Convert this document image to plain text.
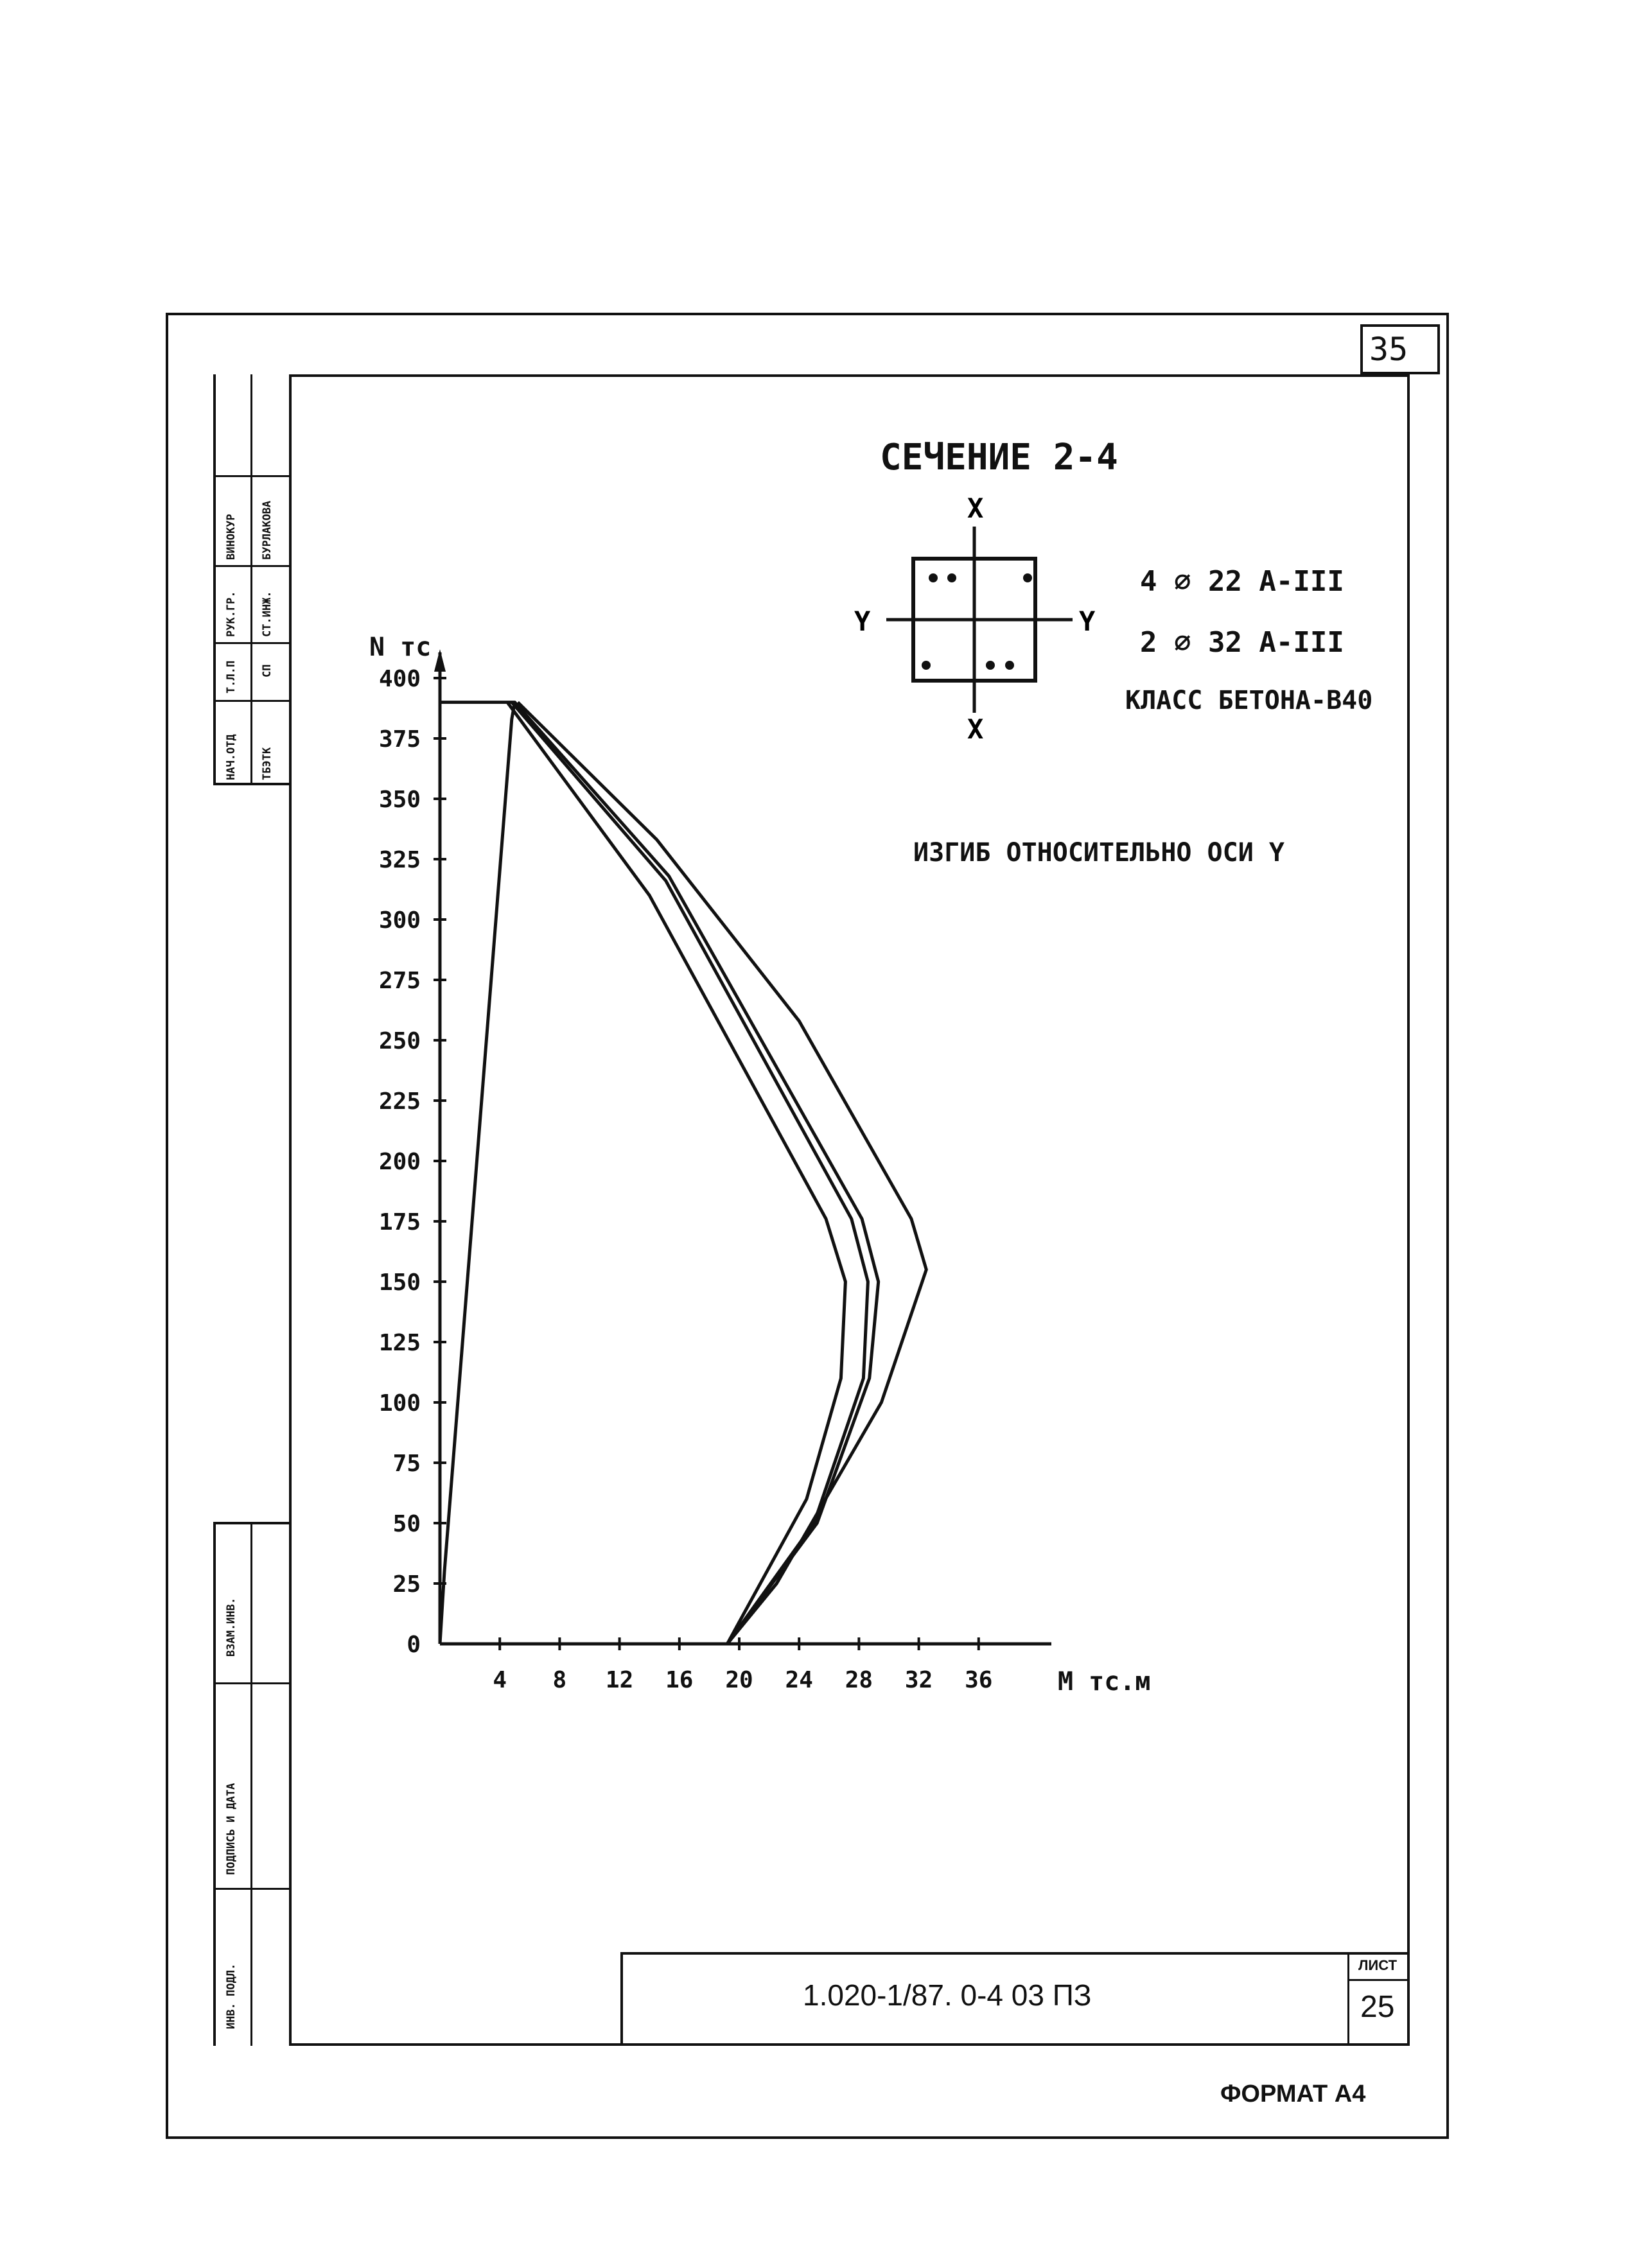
35
НАЧ.ОТД ТБЭТК
Т.Л.П СП
РУК.ГР. СТ.ИНЖ.
ВИНОКУР БУРЛАКОВА
ИНВ. ПОДЛ.
ПОДПИСЬ И ДАТА
ВЗАМ.ИНВ.
1.020-1/87. 0-4 03 ПЗ
ЛИСТ
25
ФОРМАТ А4
СЕЧЕНИЕ 2-4
X
X
Y	Y
4 ⌀ 22 А-III
2 ⌀ 32 А-III
КЛАСС БЕТОНА-В40
ИЗГИБ ОТНОСИТЕЛЬНО ОСИ Y
N тс
М тс.м
0
25
50
75
100
125
150
175
200
225
250
275
300
325
350
375
400
4 8 12 16 20 24 28 32 36
